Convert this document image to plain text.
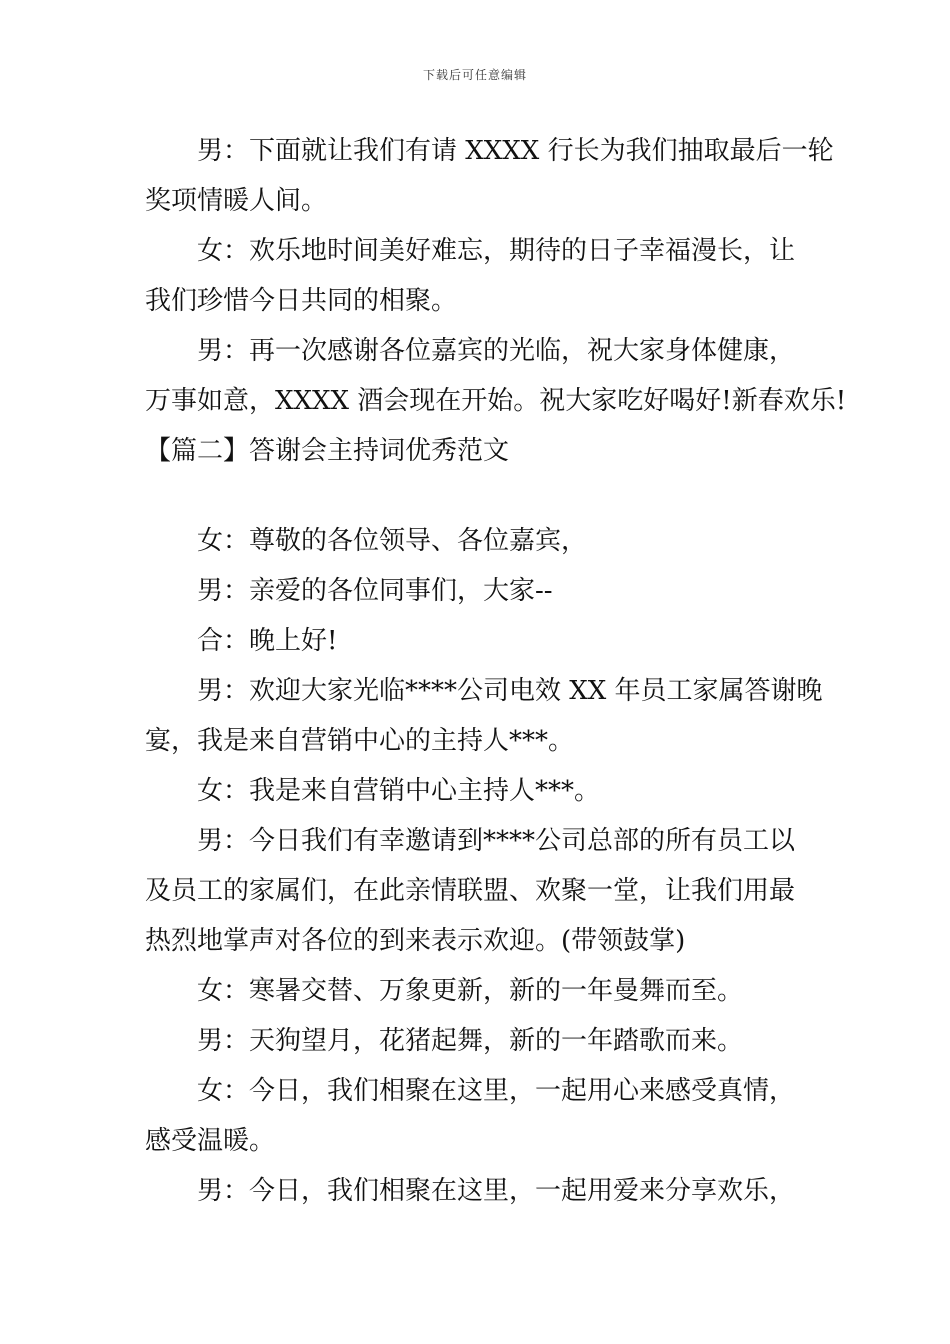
下载后可任意编辑
男：下面就让我们有请 XXXX 行长为我们抽取最后一轮
奖项情暖人间。
女：欢乐地时间美好难忘，期待的日子幸福漫长，让
我们珍惜今日共同的相聚。
男：再一次感谢各位嘉宾的光临，祝大家身体健康，
万事如意，XXXX 酒会现在开始。祝大家吃好喝好!新春欢乐!
【篇二】答谢会主持词优秀范文
女：尊敬的各位领导、各位嘉宾，
男：亲爱的各位同事们，大家--
合：晚上好!
男：欢迎大家光临****公司电效 XX 年员工家属答谢晚
宴，我是来自营销中心的主持人***。
女：我是来自营销中心主持人***。
男：今日我们有幸邀请到****公司总部的所有员工以
及员工的家属们，在此亲情联盟、欢聚一堂，让我们用最
热烈地掌声对各位的到来表示欢迎。(带领鼓掌)
女：寒暑交替、万象更新，新的一年曼舞而至。
男：天狗望月，花猪起舞，新的一年踏歌而来。
女：今日，我们相聚在这里，一起用心来感受真情，
感受温暖。
男：今日，我们相聚在这里，一起用爱来分享欢乐，
